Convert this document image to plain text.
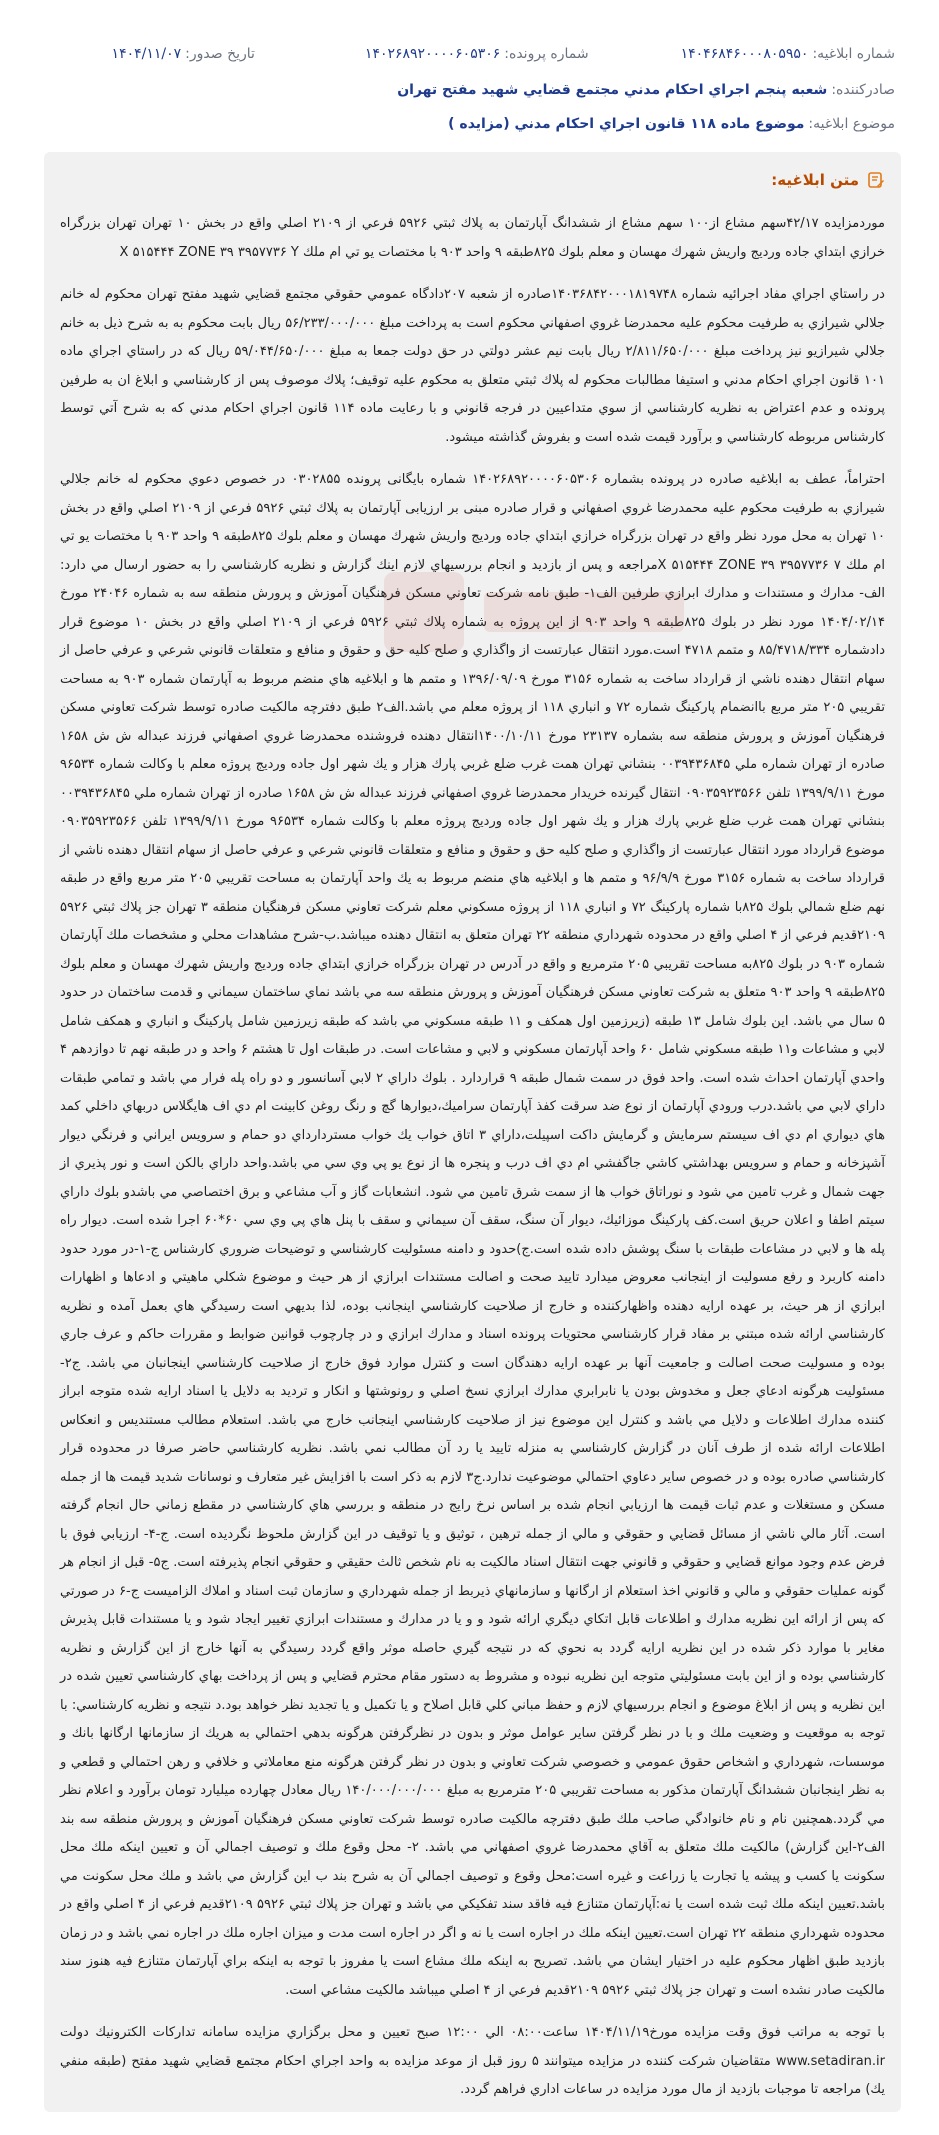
شماره ابلاغیه:
۱۴۰۴۶۸۴۶۰۰۰۸۰۵۹۵۰
شماره پرونده:
۱۴۰۲۶۸۹۲۰۰۰۰۶۰۵۳۰۶
تاریخ صدور:
۱۴۰۴/۱۱/۰۷
صادرکننده:
شعبه پنجم اجراي احكام مدني مجتمع قضايي شهيد مفتح تهران
موضوع ابلاغیه:
موضوع ماده ۱۱۸ قانون اجراي احكام مدني (مزايده )
متن ابلاغیه:

موردمزايده ۴۲/۱۷سهم مشاع از۱۰۰ سهم مشاع از ششدانگ آپارتمان به پلاك ثبتي ۵۹۲۶ فرعي از ۲۱۰۹ اصلي واقع در بخش ۱۰ تهران تهران بزرگراه خرازي ابتداي جاده وردیج واریش شهرك مهسان و معلم بلوك ۸۲۵طبقه ۹ واحد ۹۰۳ با مختصات يو تي ام ملك X ۵۱۵۴۴۴ ZONE ۳۹ ۳۹۵۷۷۳۶ Y

در راستاي اجراي مفاد اجرائيه شماره ۱۴۰۳۶۸۴۲۰۰۰۱۸۱۹۷۴۸صادره از شعبه ۲۰۷دادگاه عمومي حقوقي مجتمع قضايي شهيد مفتح تهران محكوم له خانم جلالي شيرازي به طرفيت محكوم عليه محمدرضا غروي اصفهاني محكوم است به پرداخت مبلغ ۵۶/۲۳۳/۰۰۰/۰۰۰ ريال بابت محكوم به به شرح ذيل به خانم جلالي شيرازيو نيز پرداخت مبلغ ۲/۸۱۱/۶۵۰/۰۰۰ ريال بابت نيم عشر دولتي در حق دولت جمعا به مبلغ ۵۹/۰۴۴/۶۵۰/۰۰۰ ريال كه در راستاي اجراي ماده ۱۰۱ قانون اجراي احكام مدني و استيفا مطالبات محكوم له پلاك ثبتي متعلق به محكوم عليه توقيف؛ پلاك موصوف پس از كارشناسي و ابلاغ ان به طرفين پرونده و عدم اعتراض به نظريه كارشناسي از سوي متداعيين در فرجه قانوني و با رعايت ماده ۱۱۴ قانون اجراي احكام مدني كه به شرح آتي توسط كارشناس مربوطه كارشناسي و برآورد قيمت شده است و بفروش گذاشته ميشود.

احتراماً، عطف به ابلاغیه صادره در پرونده بشماره ۱۴۰۲۶۸۹۲۰۰۰۰۶۰۵۳۰۶ شماره بایگانی پرونده ۰۳۰۲۸۵۵ در خصوص دعوي محكوم له خانم جلالي شيرازي به طرفيت محكوم عليه محمدرضا غروي اصفهاني و قرار صادره مبنی بر ارزیابی آپارتمان به پلاك ثبتي ۵۹۲۶ فرعي از ۲۱۰۹ اصلي واقع در بخش ۱۰ تهران به محل مورد نظر واقع در تهران بزرگراه خرازي ابتداي جاده وردیج واریش شهرك مهسان و معلم بلوك ۸۲۵طبقه ۹ واحد ۹۰۳ با مختصات يو تي ام ملك X ۵۱۵۴۴۴ ZONE ۳۹ ۳۹۵۷۷۳۶ ۷مراجعه و پس از بازديد و انجام بررسيهاي لازم اينك گزارش و نظريه كارشناسي را به حضور ارسال مي دارد: الف- مدارك و مستندات و مدارك ابرازي طرفين الف۱- طبق نامه شركت تعاوني مسكن فرهنگيان آموزش و پرورش منطقه سه به شماره ۲۴۰۴۶ مورخ ۱۴۰۴/۰۲/۱۴ مورد نظر در بلوك ۸۲۵طبقه ۹ واحد ۹۰۳ از اين پروژه به شماره پلاك ثبتي ۵۹۲۶ فرعي از ۲۱۰۹ اصلي واقع در بخش ۱۰ موضوع قرار دادشماره ۸۵/۴۷۱۸/۳۳۴ و متمم ۴۷۱۸ است.مورد انتقال عبارتست از واگذاري و صلح كليه حق و حقوق و منافع و متعلقات قانوني شرعي و عرفي حاصل از سهام انتقال دهنده ناشي از قرارداد ساخت به شماره ۳۱۵۶ مورخ ۱۳۹۶/۰۹/۰۹ و متمم ها و ابلاغيه هاي منضم مربوط به آپارتمان شماره ۹۰۳ به مساحت تقريبي ۲۰۵ متر مربع باانضمام پاركينگ شماره ۷۲ و انباري ۱۱۸ از پروژه معلم مي باشد.الف۲ طبق دفترچه مالكيت صادره توسط شركت تعاوني مسكن فرهنگيان آموزش و پرورش منطقه سه بشماره ۲۳۱۳۷ مورخ ۱۴۰۰/۱۰/۱۱انتقال دهنده فروشنده محمدرضا غروي اصفهاني فرزند عبداله ش ش ۱۶۵۸ صادره از تهران شماره ملي ۰۰۳۹۴۳۶۸۴۵ بنشاني تهران همت غرب ضلع غربي پارك هزار و يك شهر اول جاده وردیج پروژه معلم با وكالت شماره ۹۶۵۳۴ مورخ ۱۳۹۹/۹/۱۱ تلفن ۰۹۰۳۵۹۲۳۵۶۶ انتقال گيرنده خريدار محمدرضا غروي اصفهاني فرزند عبداله ش ش ۱۶۵۸ صادره از تهران شماره ملي ۰۰۳۹۴۳۶۸۴۵ بنشاني تهران همت غرب ضلع غربي پارك هزار و يك شهر اول جاده وردیج پروژه معلم با وكالت شماره ۹۶۵۳۴ مورخ ۱۳۹۹/۹/۱۱ تلفن ۰۹۰۳۵۹۲۳۵۶۶ موضوع قرارداد مورد انتقال عبارتست از واگذاري و صلح كليه حق و حقوق و منافع و متعلقات قانوني شرعي و عرفي حاصل از سهام انتقال دهنده ناشي از قرارداد ساخت به شماره ۳۱۵۶ مورخ ۹۶/۹/۹ و متمم ها و ابلاغيه هاي منضم مربوط به يك واحد آپارتمان به مساحت تقريبي ۲۰۵ متر مربع واقع در طبقه نهم ضلع شمالي بلوك ۸۲۵با شماره پاركينگ ۷۲ و انباري ۱۱۸ از پروژه مسكوني معلم شركت تعاوني مسكن فرهنگيان منطقه ۳ تهران جز پلاك ثبتي ۵۹۲۶ ۲۱۰۹قديم فرعي از ۴ اصلي واقع در محدوده شهرداري منطقه ۲۲ تهران متعلق به انتقال دهنده ميباشد.ب-شرح مشاهدات محلي و مشخصات ملك آپارتمان شماره ۹۰۳ در بلوك ۸۲۵به مساحت تقريبي ۲۰۵ مترمربع و واقع در آدرس در تهران بزرگراه خرازي ابتداي جاده وردیج واریش شهرك مهسان و معلم بلوك ۸۲۵طبقه ۹ واحد ۹۰۳ متعلق به شركت تعاوني مسكن فرهنگيان آموزش و پرورش منطقه سه مي باشد نماي ساختمان سيماني و قدمت ساختمان در حدود ۵ سال مي باشد. اين بلوك شامل ۱۳ طبقه (زيرزمين اول همكف و ۱۱ طبقه مسكوني مي باشد كه طبقه زيرزمين شامل پاركينگ و انباري و همكف شامل لابي و مشاعات و۱۱ طبقه مسكوني شامل ۶۰ واحد آپارتمان مسكوني و لابي و مشاعات است. در طبقات اول تا هشتم ۶ واحد و در طبقه نهم تا دوازدهم ۴ واحدي آپارتمان احداث شده است. واحد فوق در سمت شمال طبقه ۹ قراردارد . بلوك داراي ۲ لابي آسانسور و دو راه پله فرار مي باشد و تمامي طبقات داراي لابي مي باشد.درب ورودي آپارتمان از نوع ضد سرقت كفذ آپارتمان سراميك،ديوارها گچ و رنگ روغن كابينت ام دي اف هايگلاس دربهاي داخلي كمد هاي ديواري ام دي اف سيستم سرمايش و گرمايش داكت اسپيلت،داراي ۳ اتاق خواب يك خواب مستردارداي دو حمام و سرويس ايراني و فرنگي ديوار آشپزخانه و حمام و سرويس بهداشتي كاشي جاگفشي ام دي اف درب و پنجره ها از نوع يو پي وي سي مي باشد.واحد داراي بالكن است و نور پذيري از جهت شمال و غرب تامين مي شود و نوراتاق خواب ها از سمت شرق تامين مي شود. انشعابات گاز و آب مشاعي و برق اختصاصي مي باشدو بلوك داراي سيتم اطفا و اعلان حريق است.كف پاركينگ موزائيك، ديوار آن سنگ، سقف آن سيماني و سقف با پنل هاي پي وي سي ۶۰*۶۰ اجرا شده است. ديوار راه پله ها و لابي در مشاعات طبقات با سنگ پوشش داده شده است.ج)حدود و دامنه مسئوليت كارشناسي و توضيحات ضروري كارشناس ج-۱-در مورد حدود دامنه كاربرد و رفع مسوليت از اينجانب معروض ميدارد تاييد صحت و اصالت مستندات ابرازي از هر حيث و موضوع شكلي ماهيتي و ادعاها و اظهارات ابرازي از هر حيث، بر عهده ارايه دهنده واظهاركننده و خارج از صلاحيت كارشناسي اينجانب بوده، لذا بديهي است رسيدگي هاي بعمل آمده و نظريه كارشناسي ارائه شده مبتني بر مفاد قرار كارشناسي محتويات پرونده اسناد و مدارك ابرازي و در چارچوب قوانين ضوابط و مقررات حاكم و عرف جاري بوده و مسوليت صحت اصالت و جامعيت آنها بر عهده ارايه دهندگان است و كنترل موارد فوق خارج از صلاحيت كارشناسي اينجانبان مي باشد. ج۲- مسئوليت هرگونه ادعاي جعل و مخدوش بودن يا نابرابري مدارك ابرازي نسخ اصلي و رونوشتها و انكار و ترديد به دلايل يا اسناد ارايه شده متوجه ابراز كننده مدارك اطلاعات و دلايل مي باشد و كنترل اين موضوع نيز از صلاحيت كارشناسي اينجانب خارج مي باشد. استعلام مطالب مستنديس و انعكاس اطلاعات ارائه شده از طرف آنان در گزارش كارشناسي به منزله تاييد يا رد آن مطالب نمي باشد. نظريه كارشناسي حاضر صرفا در محدوده قرار كارشناسي صادره بوده و در خصوص ساير دعاوي احتمالي موضوعيت ندارد.ج۳ لازم به ذكر است با افزايش غير متعارف و نوسانات شديد قيمت ها از جمله مسكن و مستغلات و عدم ثبات قيمت ها ارزيابي انجام شده بر اساس نرخ رايج در منطقه و بررسي هاي كارشناسي در مقطع زماني حال انجام گرفته است. آثار مالي ناشي از مسائل قضايي و حقوقي و مالي از جمله ترهين ، توثيق و يا توقيف در اين گزارش ملحوظ نگرديده است. ج-۴- ارزيابي فوق با فرض عدم وجود موانع قضايي و حقوقي و قانوني جهت انتقال اسناد مالكيت به نام شخص ثالث حقيقي و حقوقي انجام پذيرفته است. ج۵- قبل از انجام هر گونه عمليات حقوقي و مالي و قانوني اخذ استعلام از ارگانها و سازمانهاي ذيربط از جمله شهرداري و سازمان ثبت اسناد و املاك الزاميست ج-۶ در صورتي كه پس از ارائه اين نظريه مدارك و اطلاعات قابل اتكاي ديگري ارائه شود و و يا در مدارك و مستندات ابرازي تغيير ايجاد شود و يا مستندات قابل پذيرش مغاير با موارد ذكر شده در اين نظريه ارايه گردد به نحوي كه در نتيجه گيري حاصله موثر واقع گردد رسيدگي به آنها خارج از اين گزارش و نظريه كارشناسي بوده و از اين بابت مسئوليتي متوجه اين نظريه نبوده و مشروط به دستور مقام محترم قضايي و پس از پرداخت بهاي كارشناسي تعيين شده در اين نظريه و پس از ابلاغ موضوع و انجام بررسيهاي لازم و حفظ مباني كلي قابل اصلاح و يا تكميل و يا تجديد نظر خواهد بود.د نتيجه و نظريه كارشناسي: با توجه به موقعيت و وضعيت ملك و با در نظر گرفتن ساير عوامل موثر و بدون در نظرگرفتن هرگونه بدهي احتمالي به هريك از سازمانها ارگانها بانك و موسسات، شهرداري و اشخاص حقوق عمومي و خصوصي شركت تعاوني و بدون در نظر گرفتن هرگونه منع معاملاتي و خلافي و رهن احتمالي و قطعي و به نظر اينجانبان ششدانگ آپارتمان مذكور به مساحت تقريبي ۲۰۵ مترمربع به مبلغ ۱۴۰/۰۰۰/۰۰۰/۰۰۰ ريال معادل چهارده ميليارد تومان برآورد و اعلام نظر مي گردد.همچنين نام و نام خانوادگي صاحب ملك طبق دفترچه مالكيت صادره توسط شركت تعاوني مسكن فرهنگيان آموزش و پرورش منطقه سه بند الف۲-اين گزارش) مالكيت ملك متعلق به آقاي محمدرضا غروي اصفهاني مي باشد. ۲- محل وقوع ملك و توصيف اجمالي آن و تعيين اينكه ملك محل سكونت يا كسب و پيشه يا تجارت يا زراعت و غيره است:محل وقوع و توصيف اجمالي آن به شرح بند ب اين گزارش مي باشد و ملك محل سكونت مي باشد.تعيين اينكه ملك ثبت شده است يا نه:آپارتمان متنازع فيه فاقد سند تفكيكي مي باشد و تهران جز پلاك ثبتي ۵۹۲۶ ۲۱۰۹قديم فرعي از ۴ اصلي واقع در محدوده شهرداري منطقه ۲۲ تهران است.تعيين اينكه ملك در اجاره است يا نه و اگر در اجاره است مدت و ميزان اجاره ملك در اجاره نمي باشد و در زمان بازديد طبق اظهار محكوم عليه در اختيار ايشان مي باشد. تصريح به اينكه ملك مشاع است يا مفروز با توجه به اينكه براي آپارتمان متنازع فيه هنوز سند مالكيت صادر نشده است و تهران جز پلاك ثبتي ۵۹۲۶ ۲۱۰۹قديم فرعي از ۴ اصلي ميباشد مالكيت مشاعي است.

با توجه به مراتب فوق وقت مزايده مورخ۱۴۰۴/۱۱/۱۹ ساعت۰۸:۰۰ الي ۱۲:۰۰ صبح تعيين و محل برگزاري مزايده سامانه تداركات الكترونيك دولت www.setadiran.ir متقاضيان شركت كننده در مزايده ميتوانند ۵ روز قبل از موعد مزايده به واحد اجراي احكام مجتمع قضايي شهيد مفتح (طبقه منفي يك) مراجعه تا موجبات بازديد از مال مورد مزايده در ساعات اداري فراهم گردد.
